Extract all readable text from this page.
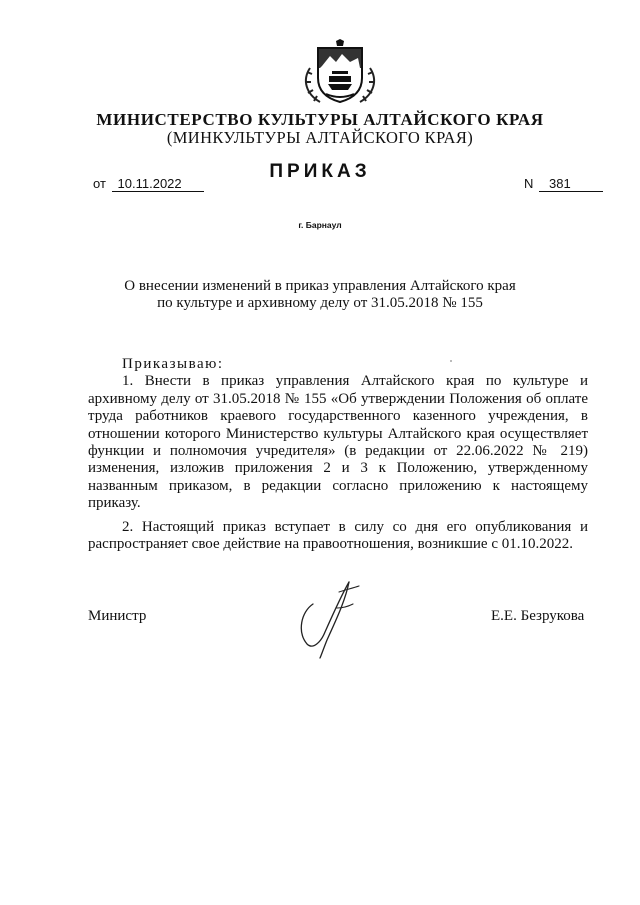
МИНИСТЕРСТВО КУЛЬТУРЫ АЛТАЙСКОГО КРАЯ
(МИНКУЛЬТУРЫ АЛТАЙСКОГО КРАЯ)
ПРИКАЗ
от 10.11.2022	N 381
г. Барнаул
О внесении изменений в приказ управления Алтайского края
по культуре и архивному делу от 31.05.2018 № 155
Приказываю:

1. Внести в приказ управления Алтайского края по культуре и архивному делу от 31.05.2018 № 155 «Об утверждении Положения об оплате труда работников краевого государственного казенного учреждения, в отношении которого Министерство культуры Алтайского края осуществляет функции и полномочия учредителя» (в редакции от 22.06.2022 № 219) изменения, изложив приложения 2 и 3 к Положению, утвержденному названным приказом, в редакции согласно приложению к настоящему приказу.

2. Настоящий приказ вступает в силу со дня его опубликования и распространяет свое действие на правоотношения, возникшие с 01.10.2022.

Министр	Е.Е. Безрукова
